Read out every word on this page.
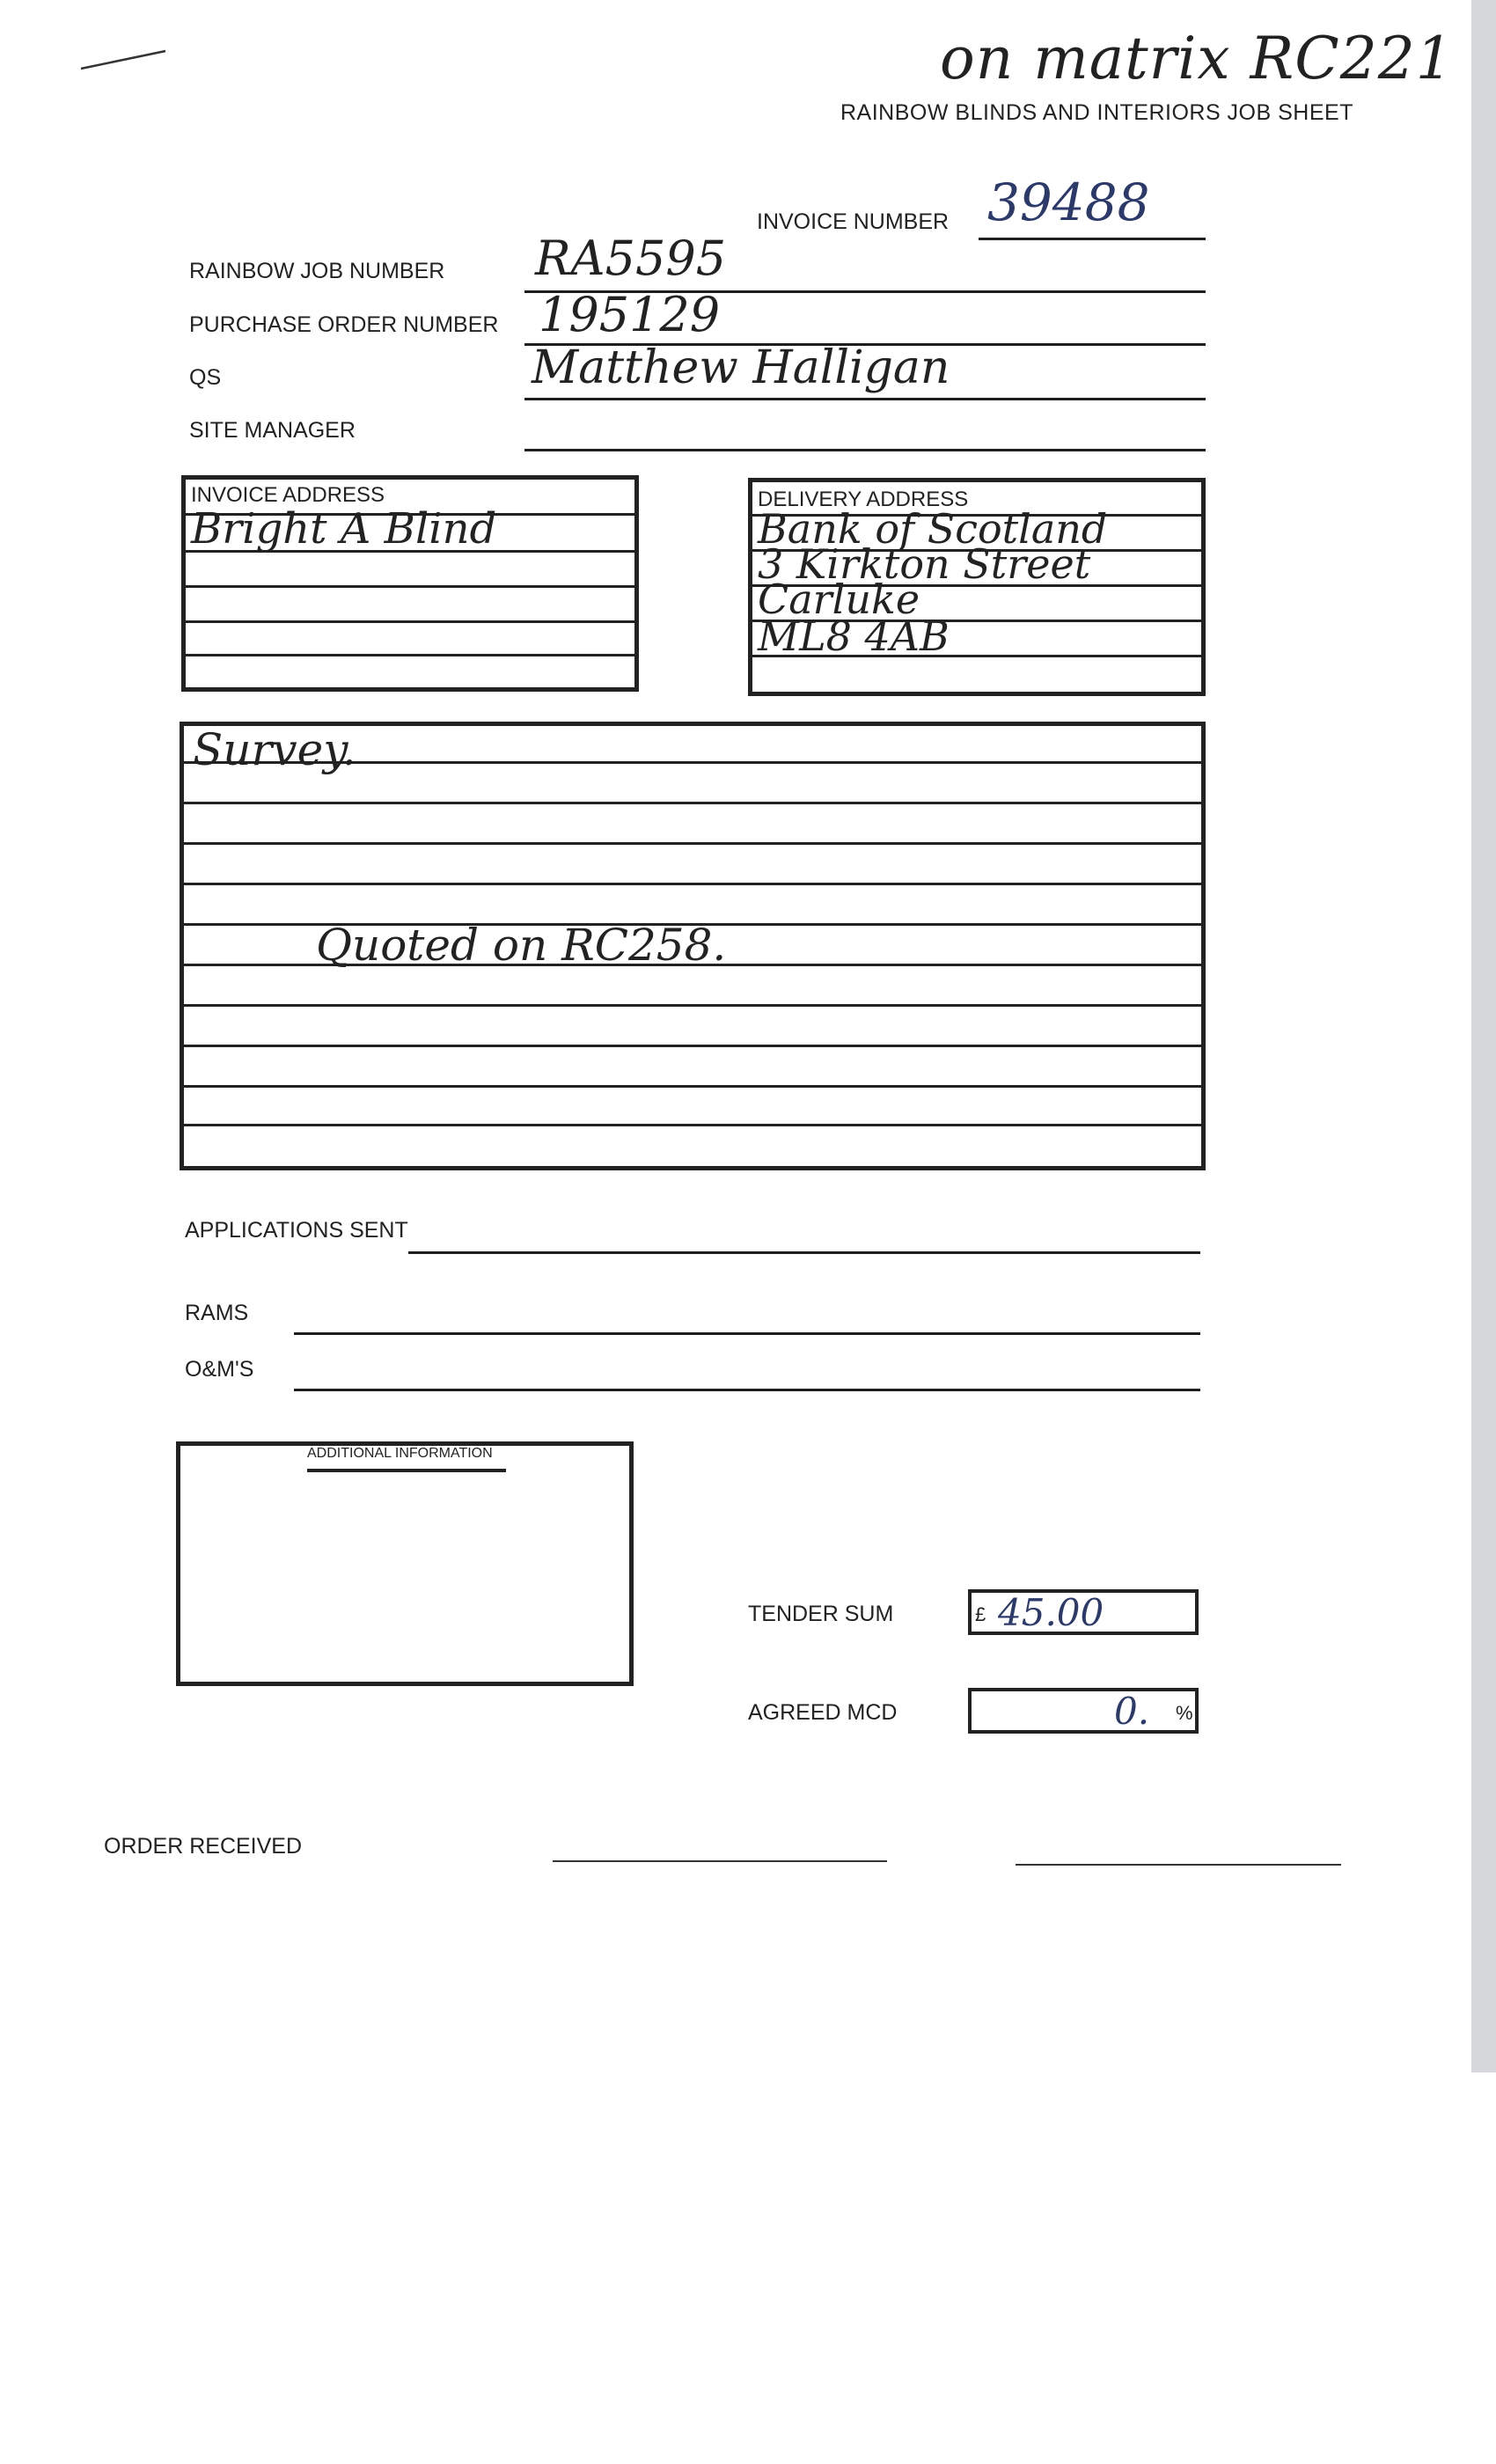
on matrix RC221
RAINBOW BLINDS AND INTERIORS JOB SHEET
INVOICE NUMBER 39488
RAINBOW JOB NUMBER RA5595
PURCHASE ORDER NUMBER 195129
QS	Matthew Halligan
SITE MANAGER
INVOICE ADDRESS
Bright A Blind
DELIVERY ADDRESS
Bank of Scotland
3 Kirkton Street
Carluke
ML8 4AB
Survey.
Quoted on RC258.
APPLICATIONS SENT
RAMS
O&M'S
ADDITIONAL INFORMATION
TENDER SUM	£ 45.00
AGREED MCD	0. %
ORDER RECEIVED
